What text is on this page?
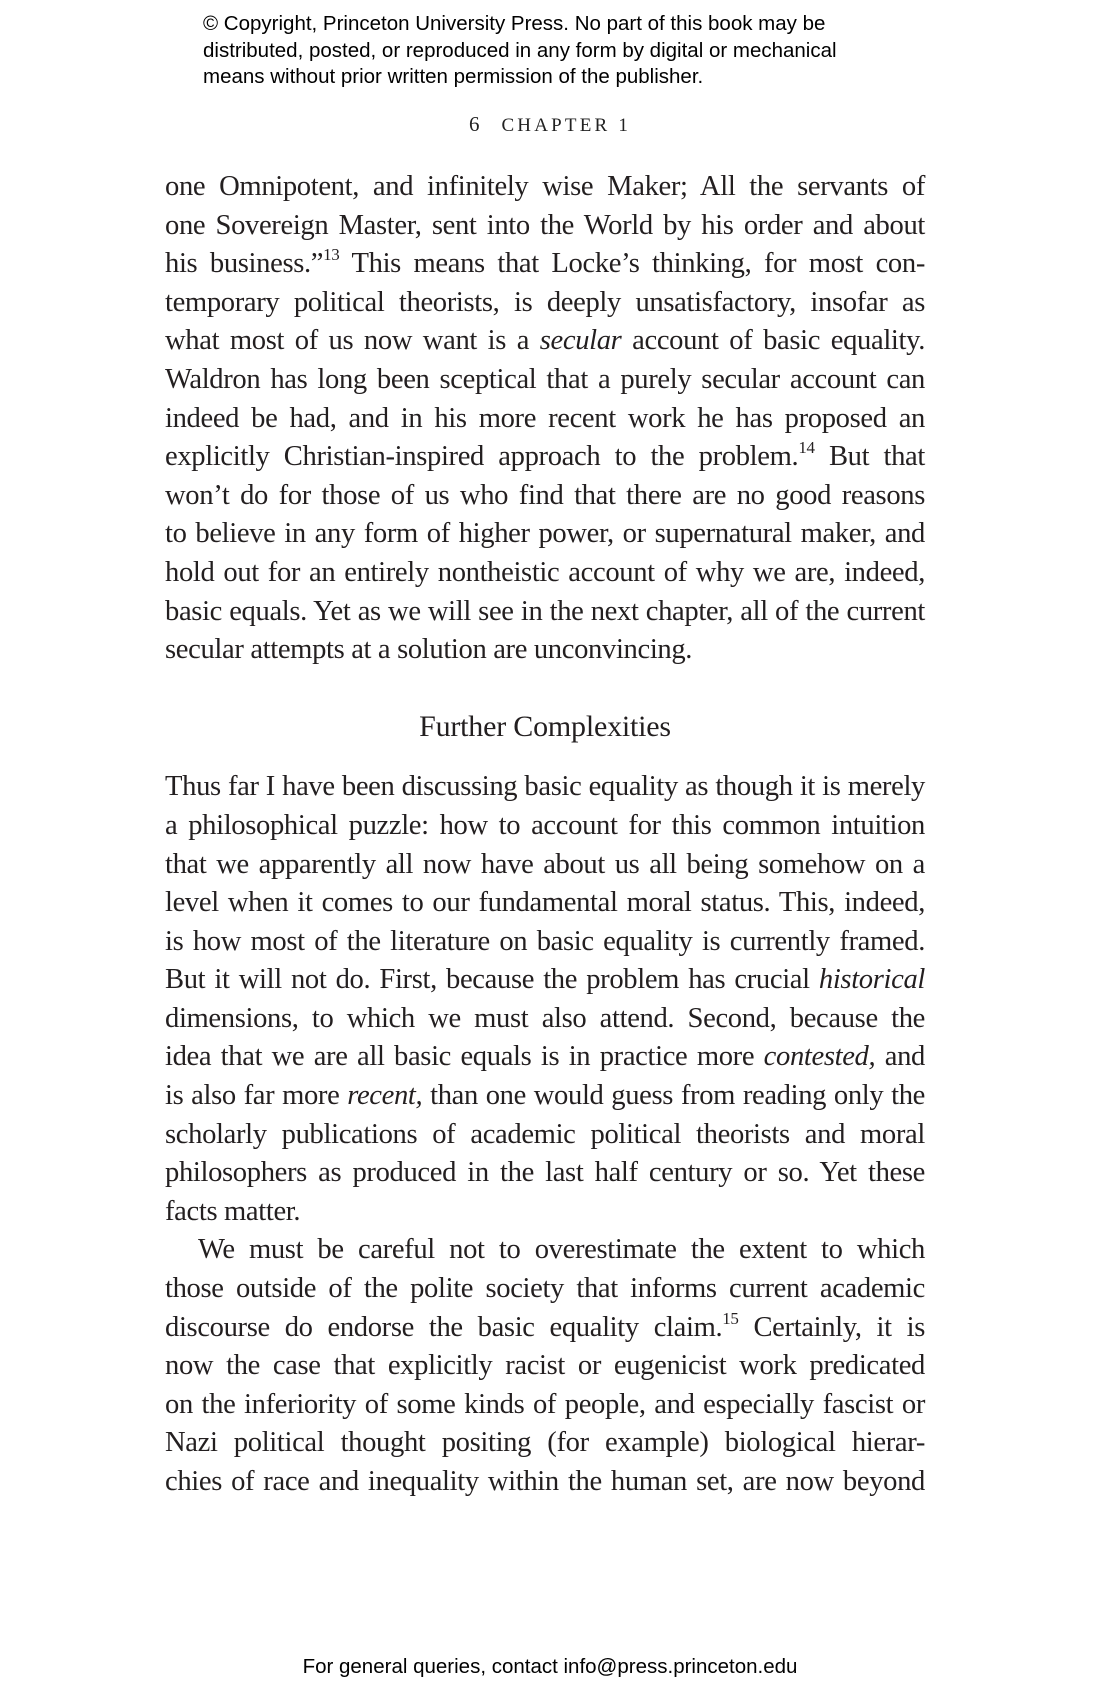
© Copyright, Princeton University Press. No part of this book may be
distributed, posted, or reproduced in any form by digital or mechanical
means without prior written permission of the publisher.
6 CHAPTER 1
one Omnipotent, and infinitely wise Maker; All the servants of
one Sovereign Master, sent into the World by his order and about
his business.”$^{13}$ This means that Locke’s thinking, for most con-
temporary political theorists, is deeply unsatisfactory, insofar as
what most of us now want is a secular account of basic equality.
Waldron has long been sceptical that a purely secular account can
indeed be had, and in his more recent work he has proposed an
explicitly Christian-inspired approach to the problem.$^{14}$ But that
won’t do for those of us who find that there are no good reasons
to believe in any form of higher power, or supernatural maker, and
hold out for an entirely nontheistic account of why we are, indeed,
basic equals. Yet as we will see in the next chapter, all of the current
secular attempts at a solution are unconvincing.
Further Complexities
Thus far I have been discussing basic equality as though it is merely
a philosophical puzzle: how to account for this common intuition
that we apparently all now have about us all being somehow on a
level when it comes to our fundamental moral status. This, indeed,
is how most of the literature on basic equality is currently framed.
But it will not do. First, because the problem has crucial historical
dimensions, to which we must also attend. Second, because the
idea that we are all basic equals is in practice more contested, and
is also far more recent, than one would guess from reading only the
scholarly publications of academic political theorists and moral
philosophers as produced in the last half century or so. Yet these
facts matter.
We must be careful not to overestimate the extent to which
those outside of the polite society that informs current academic
discourse do endorse the basic equality claim.$^{15}$ Certainly, it is
now the case that explicitly racist or eugenicist work predicated
on the inferiority of some kinds of people, and especially fascist or
Nazi political thought positing (for example) biological hierar-
chies of race and inequality within the human set, are now beyond
For general queries, contact info@press.princeton.edu
